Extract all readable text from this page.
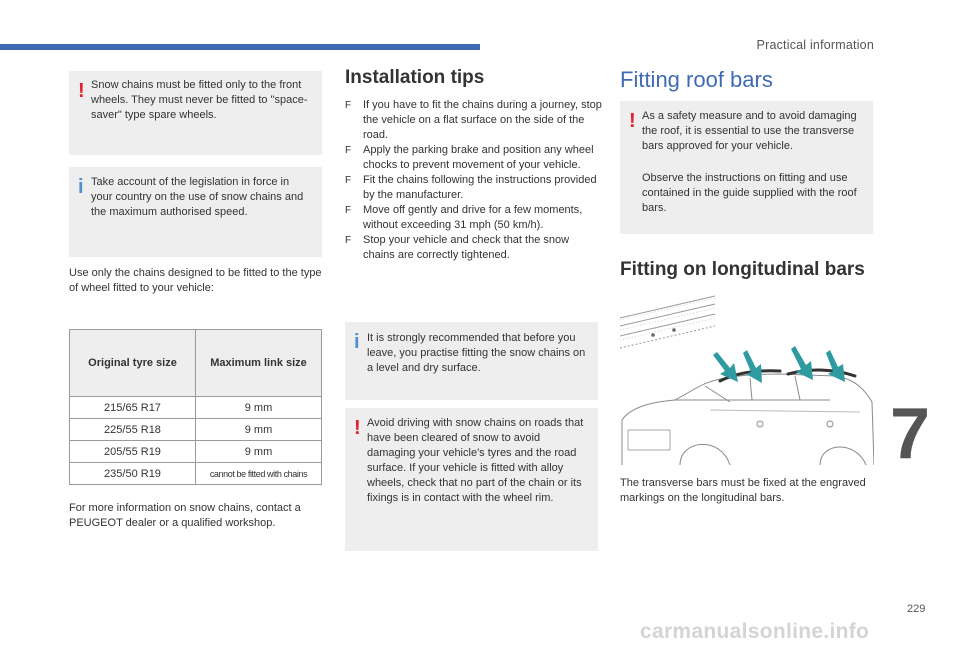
Practical information
! Snow chains must be fitted only to the front wheels. They must never be fitted to "space-saver" type spare wheels.

i Take account of the legislation in force in your country on the use of snow chains and the maximum authorised speed.

Use only the chains designed to be fitted to the type of wheel fitted to your vehicle:

Original tyre size	Maximum link size
215/65 R17	9 mm
225/55 R18	9 mm
205/55 R19	9 mm
235/50 R19	cannot be fitted with chains

For more information on snow chains, contact a PEUGEOT dealer or a qualified workshop.

Installation tips
F If you have to fit the chains during a journey, stop the vehicle on a flat surface on the side of the road.
F Apply the parking brake and position any wheel chocks to prevent movement of your vehicle.
F Fit the chains following the instructions provided by the manufacturer.
F Move off gently and drive for a few moments, without exceeding 31 mph (50 km/h).
F Stop your vehicle and check that the snow chains are correctly tightened.
i It is strongly recommended that before you leave, you practise fitting the snow chains on a level and dry surface.

! Avoid driving with snow chains on roads that have been cleared of snow to avoid damaging your vehicle's tyres and the road surface. If your vehicle is fitted with alloy wheels, check that no part of the chain or its fixings is in contact with the wheel rim.

Fitting roof bars
! As a safety measure and to avoid damaging the roof, it is essential to use the transverse bars approved for your vehicle.

Observe the instructions on fitting and use contained in the guide supplied with the roof bars.

Fitting on longitudinal bars

The transverse bars must be fixed at the engraved markings on the longitudinal bars.

7
229
carmanualsonline.info
